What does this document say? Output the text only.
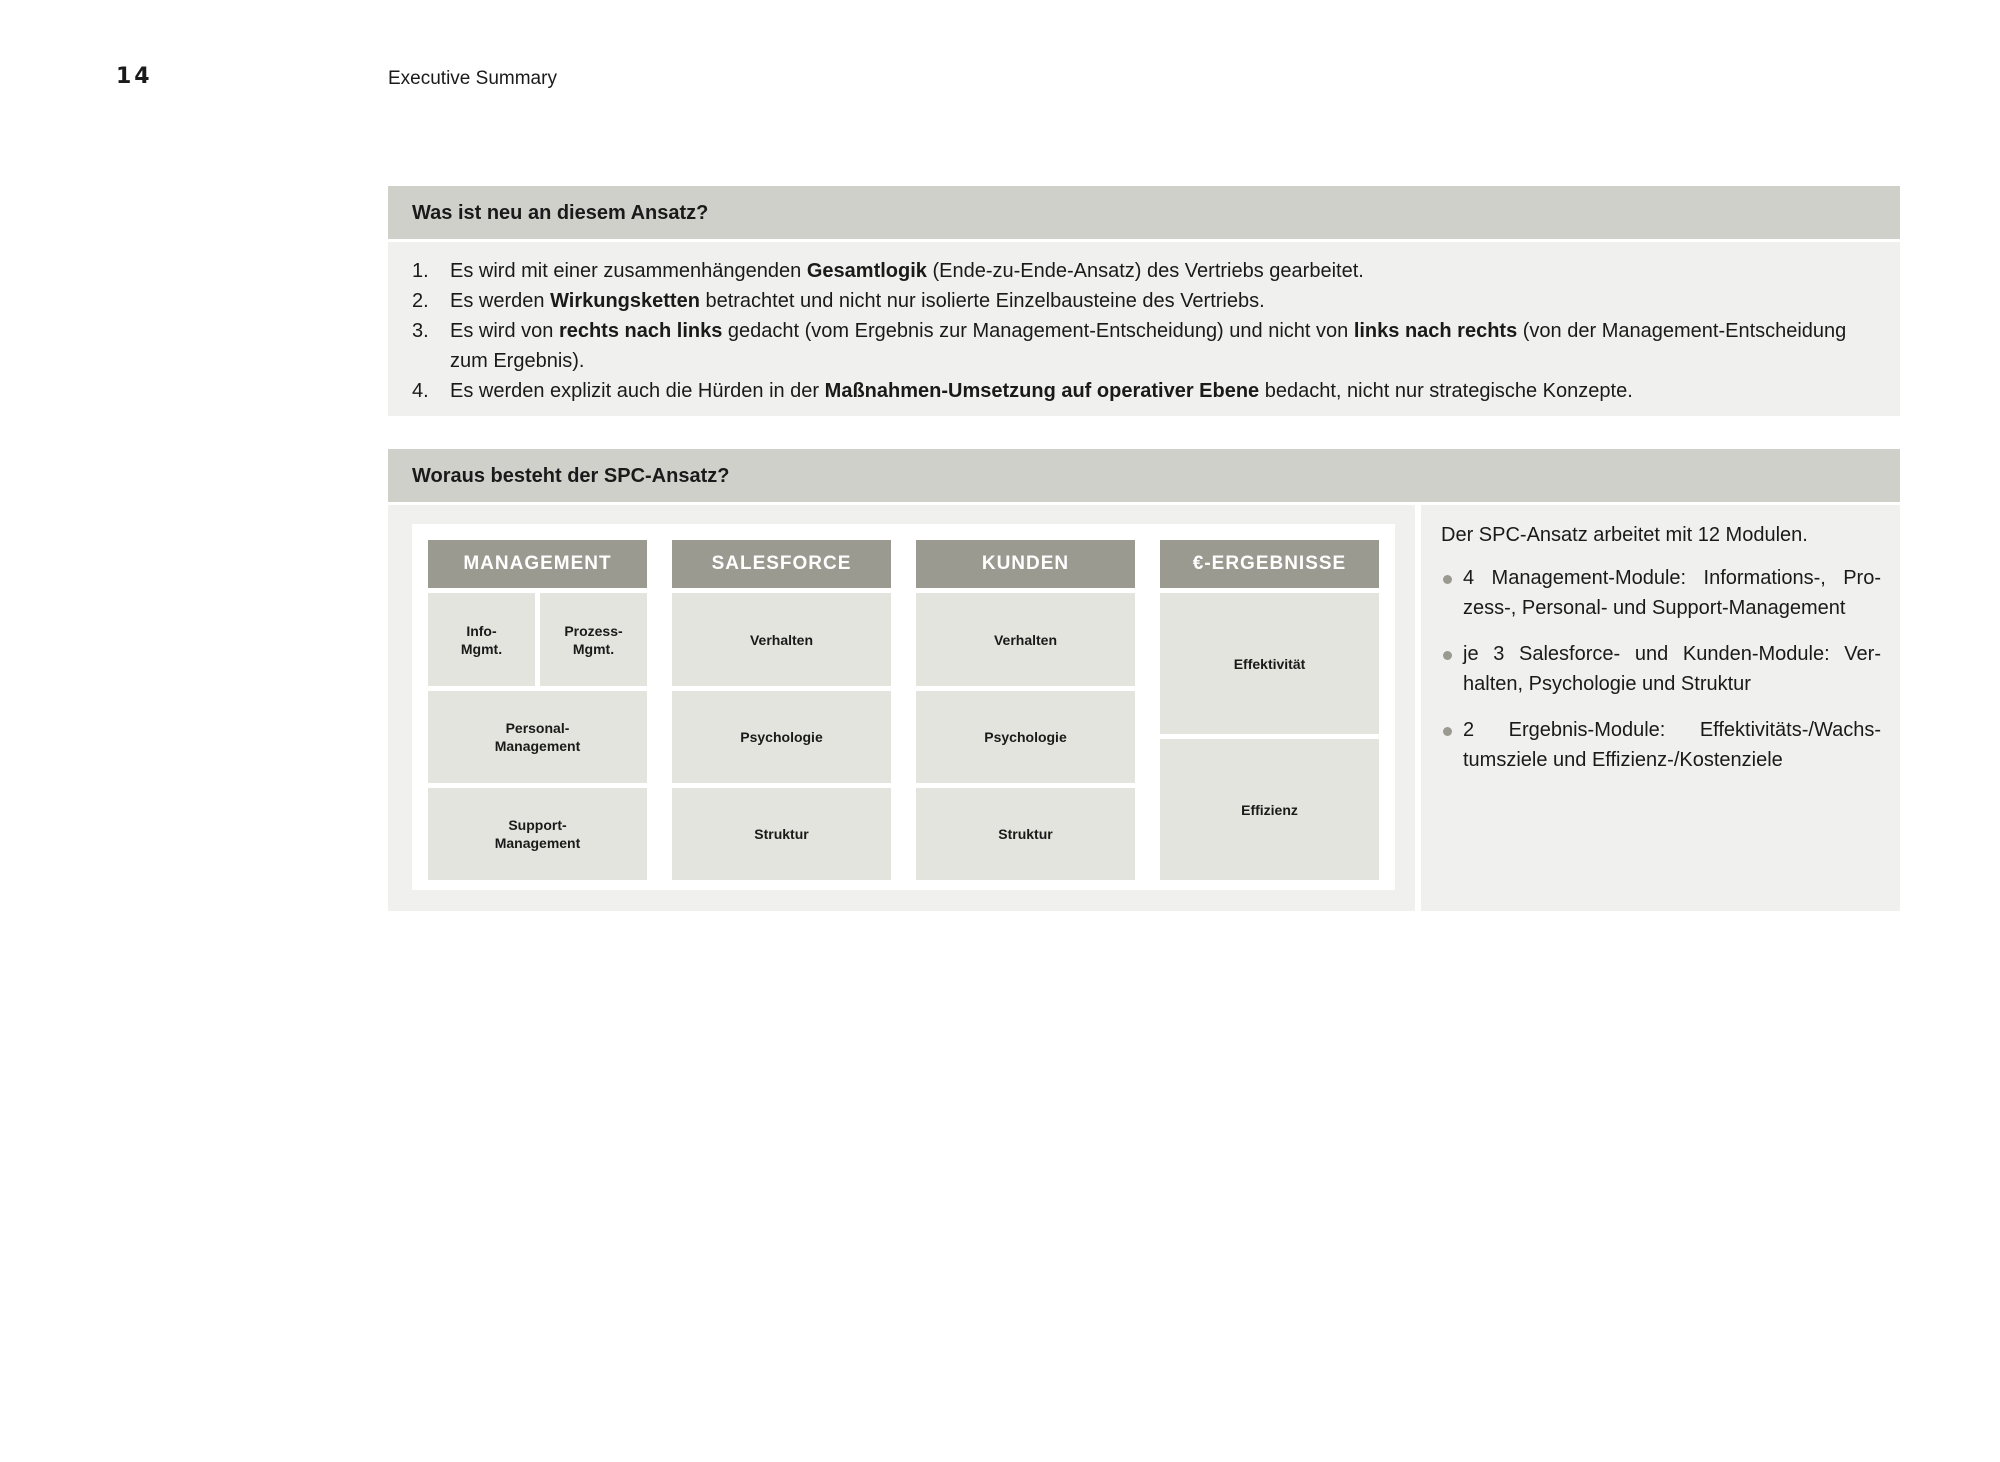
14	Executive Summary
Was ist neu an diesem Ansatz?
1. Es wird mit einer zusammenhängenden Gesamtlogik (Ende-zu-Ende-Ansatz) des Vertriebs gearbeitet.
2. Es werden Wirkungsketten betrachtet und nicht nur isolierte Einzelbausteine des Vertriebs.
3. Es wird von rechts nach links gedacht (vom Ergebnis zur Management-Entscheidung) und nicht von links nach rechts (von der Management-Entscheidung zum Ergebnis).
4. Es werden explizit auch die Hürden in der Maßnahmen-Umsetzung auf operativer Ebene bedacht, nicht nur strategische Konzepte.
Woraus besteht der SPC-Ansatz?
MANAGEMENT
Info-
Mgmt.
Prozess-
Mgmt.
Personal-
Management
Support-
Management
SALESFORCE
Verhalten
Psychologie
Struktur
KUNDEN
Verhalten
Psychologie
Struktur
€-ERGEBNISSE
Effektivität
Effizienz

Der SPC-Ansatz arbeitet mit 12 Modulen.

4 Management-Module: Informations-, Prozess-, Personal- und Support-Management
je 3 Salesforce- und Kunden-Module: Verhalten, Psychologie und Struktur
2 Ergebnis-Module: Effektivitäts-/Wachstumsziele und Effizienz-/Kostenziele
